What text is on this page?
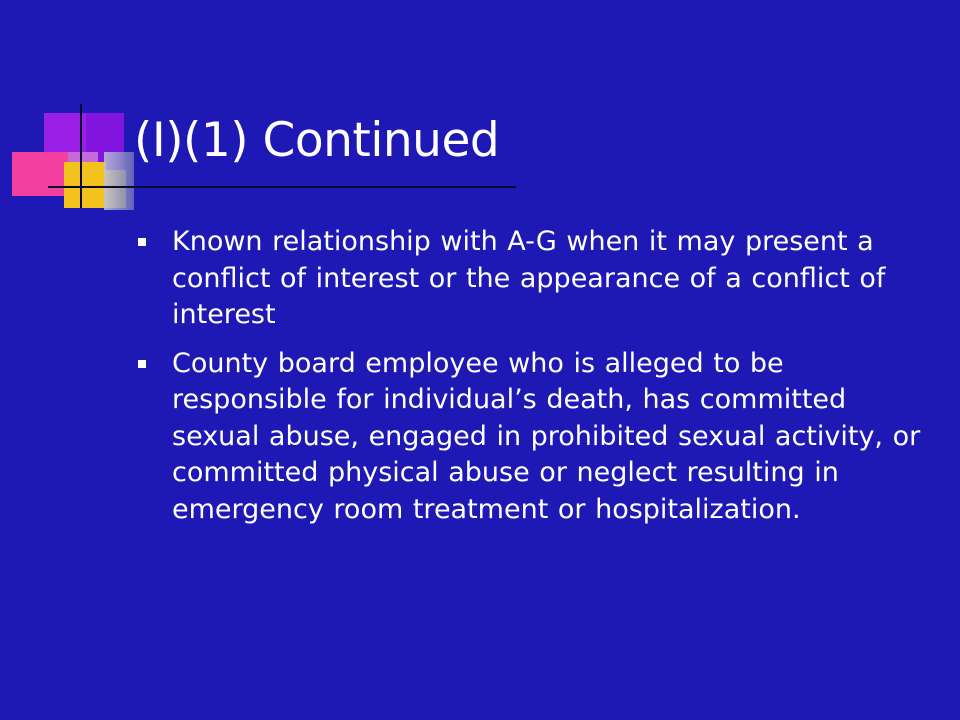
(I)(1) Continued
Known relationship with A-G when it may present a conflict of interest or the appearance of a conflict of interest
County board employee who is alleged to be responsible for individual’s death, has committed sexual abuse, engaged in prohibited sexual activity, or committed physical abuse or neglect resulting in emergency room treatment or hospitalization.
